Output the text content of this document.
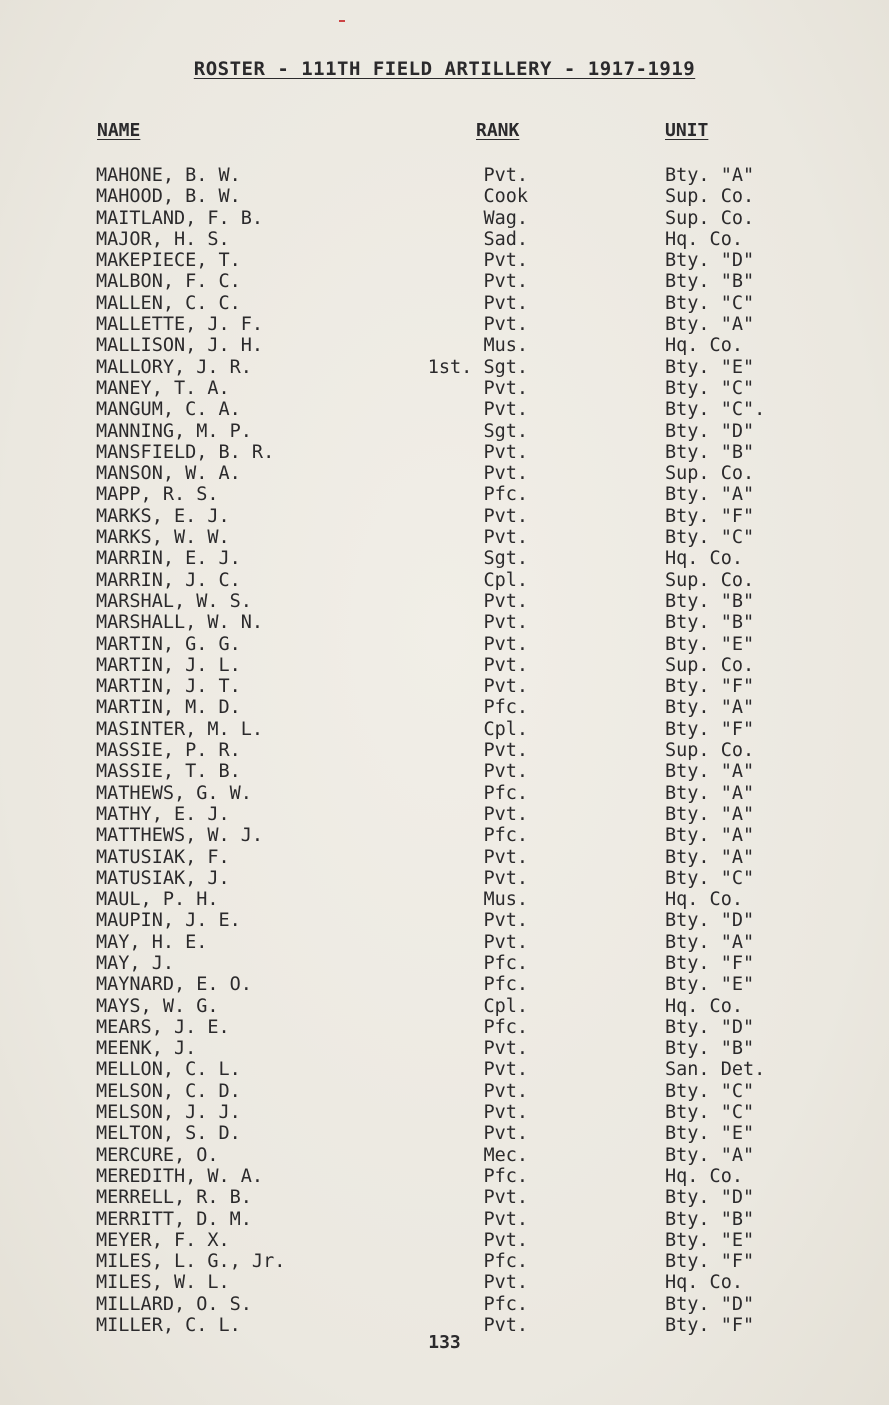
ROSTER - 111TH FIELD ARTILLERY - 1917-1919
NAME	RANK	UNIT
MAHONE, B. W.	Pvt.	Bty. "A"
MAHOOD, B. W.	Cook	Sup. Co.
MAITLAND, F. B.	Wag.	Sup. Co.
MAJOR, H. S.	Sad.	Hq. Co.
MAKEPIECE, T.	Pvt.	Bty. "D"
MALBON, F. C.	Pvt.	Bty. "B"
MALLEN, C. C.	Pvt.	Bty. "C"
MALLETTE, J. F.	Pvt.	Bty. "A"
MALLISON, J. H.	Mus.	Hq. Co.
MALLORY, J. R.	1st. Sgt.	Bty. "E"
MANEY, T. A.	Pvt.	Bty. "C"
MANGUM, C. A.	Pvt.	Bty. "C".
MANNING, M. P.	Sgt.	Bty. "D"
MANSFIELD, B. R.	Pvt.	Bty. "B"
MANSON, W. A.	Pvt.	Sup. Co.
MAPP, R. S.	Pfc.	Bty. "A"
MARKS, E. J.	Pvt.	Bty. "F"
MARKS, W. W.	Pvt.	Bty. "C"
MARRIN, E. J.	Sgt.	Hq. Co.
MARRIN, J. C.	Cpl.	Sup. Co.
MARSHAL, W. S.	Pvt.	Bty. "B"
MARSHALL, W. N.	Pvt.	Bty. "B"
MARTIN, G. G.	Pvt.	Bty. "E"
MARTIN, J. L.	Pvt.	Sup. Co.
MARTIN, J. T.	Pvt.	Bty. "F"
MARTIN, M. D.	Pfc.	Bty. "A"
MASINTER, M. L.	Cpl.	Bty. "F"
MASSIE, P. R.	Pvt.	Sup. Co.
MASSIE, T. B.	Pvt.	Bty. "A"
MATHEWS, G. W.	Pfc.	Bty. "A"
MATHY, E. J.	Pvt.	Bty. "A"
MATTHEWS, W. J.	Pfc.	Bty. "A"
MATUSIAK, F.	Pvt.	Bty. "A"
MATUSIAK, J.	Pvt.	Bty. "C"
MAUL, P. H.	Mus.	Hq. Co.
MAUPIN, J. E.	Pvt.	Bty. "D"
MAY, H. E.	Pvt.	Bty. "A"
MAY, J.	Pfc.	Bty. "F"
MAYNARD, E. O.	Pfc.	Bty. "E"
MAYS, W. G.	Cpl.	Hq. Co.
MEARS, J. E.	Pfc.	Bty. "D"
MEENK, J.	Pvt.	Bty. "B"
MELLON, C. L.	Pvt.	San. Det.
MELSON, C. D.	Pvt.	Bty. "C"
MELSON, J. J.	Pvt.	Bty. "C"
MELTON, S. D.	Pvt.	Bty. "E"
MERCURE, O.	Mec.	Bty. "A"
MEREDITH, W. A.	Pfc.	Hq. Co.
MERRELL, R. B.	Pvt.	Bty. "D"
MERRITT, D. M.	Pvt.	Bty. "B"
MEYER, F. X.	Pvt.	Bty. "E"
MILES, L. G., Jr.	Pfc.	Bty. "F"
MILES, W. L.	Pvt.	Hq. Co.
MILLARD, O. S.	Pfc.	Bty. "D"
MILLER, C. L.	Pvt.	Bty. "F"
133
